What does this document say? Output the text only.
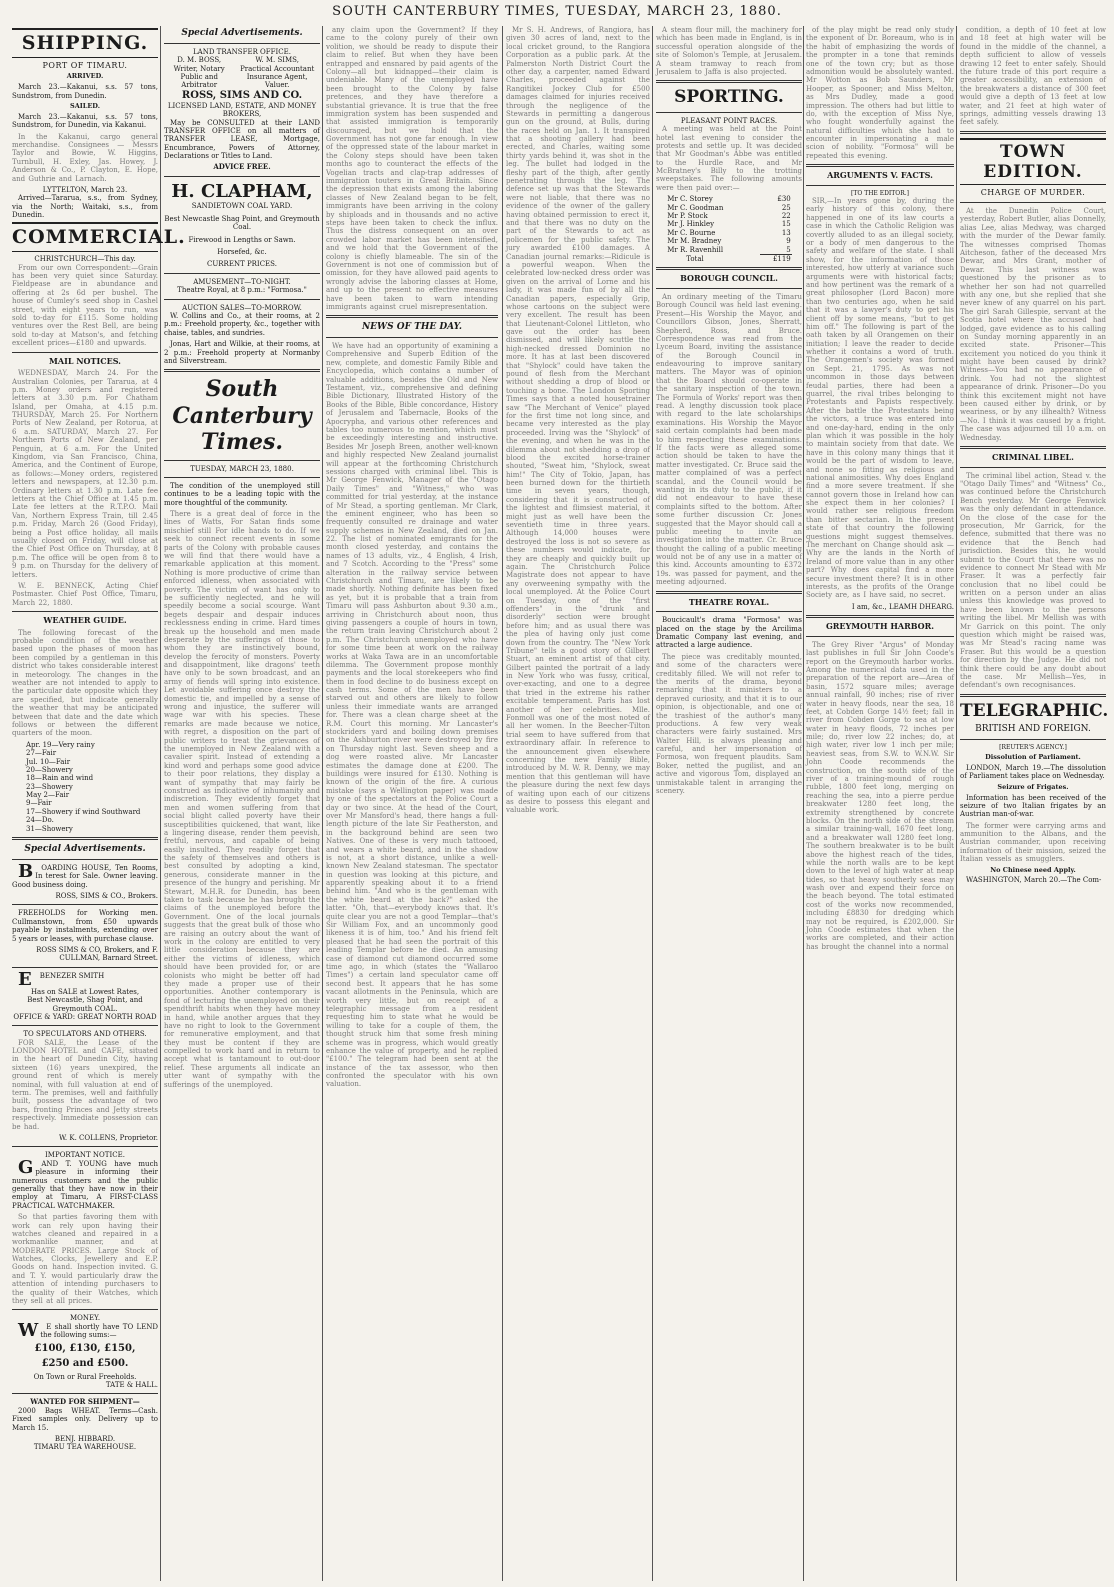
SOUTH CANTERBURY TIMES, TUESDAY, MARCH 23, 1880.
SHIPPING.
PORT OF TIMARU.
ARRIVED.

March 23.—Kakanui, s.s. 57 tons, Sundstrom, from Dunedin.

SAILED.

March 23.—Kakanui, s.s. 57 tons, Sundstrom, for Dunedin, via Kakanui.

In the Kakanui, cargo general merchandise. Consignees — Messrs Taylor and Bowie, W. Higgins, Turnbull, H. Exley, Jas. Howey, J. Anderson & Co., P. Clayton, E. Hope, and Guthrie and Larnach.

LYTTELTON, March 23.

Arrived—Tararua, s.s., from Sydney, via the North; Waitaki, s.s., from Dunedin.

COMMERCIAL.
CHRISTCHURCH—This day.

From our own Correspondent:—Grain has been very quiet since Saturday. Fieldpease are in abundance and offering at 2s 6d per bushel. The house of Cumley's seed shop in Cashel street, with eight years to run, was sold to-day for £115. Some holding ventures over the Rest Bell, are being sold to-day at Matson's, and fetching excellent prices—£180 and upwards.

MAIL NOTICES.

WEDNESDAY, March 24. For the Australian Colonies, per Tararua, at 4 p.m. Money orders and registered letters at 3.30 p.m. For Chatham Island, per Omaha, at 4.15 p.m. THURSDAY, March 25. For Northern Ports of New Zealand, per Rotorua, at 6 a.m. SATURDAY, March 27. For Northern Ports of New Zealand, per Penguin, at 6 a.m. For the United Kingdom, via San Francisco, China, America, and the Continent of Europe, as follows:—Money orders, registered letters and newspapers, at 12.30 p.m. Ordinary letters at 1.30 p.m. Late fee letters at the Chief Office at 1.45 p.m. Late fee letters at the R.T.P.O. Mail Van, Northern Express Train, till 2.45 p.m. Friday, March 26 (Good Friday), being a Post office holiday, all mails usually closed on Friday, will close at the Chief Post Office on Thursday, at 8 p.m. The office will be open from 8 to 9 p.m. on Thursday for the delivery of letters.

W. E. BENNECK, Acting Chief Postmaster. Chief Post Office, Timaru, March 22, 1880.

WEATHER GUIDE.

The following forecast of the probable condition of the weather based upon the phases of moon has been compiled by a gentleman in this district who takes considerable interest in meteorology. The changes in the weather are not intended to apply to the particular date opposite which they are specified, but indicate generally the weather that may be anticipated between that date and the date which follows or between the different quarters of the moon.

Apr. 19—Very rainy
27—Fair
Jul. 10—Fair
20—Showery
18—Rain and wind
23—Showery
May 2—Fair
9—Fair
17—Showery if wind Southward
24—Do.
31—Showery
Special Advertisements.

B OARDING HOUSE, Ten Rooms, In terest for Sale. Owner leaving. Good business doing.

ROSS, SIMS & CO., Brokers.

FREEHOLDS for Working men. Cullmanstown, from £50 upwards payable by instalments, extending over 5 years or leases, with purchase clause.

ROSS SIMS & CO, Brokers, and F. CULLMAN, Barnard Street.

E BENEZER SMITH

Has on SALE at Lowest Rates,
Best Newcastle, Shag Point, and Greymouth COAL.
OFFICE & YARD: GREAT NORTH ROAD
TO SPECULATORS AND OTHERS.

FOR SALE, the Lease of the LONDON HOTEL and CAFE, situated in the heart of Dunedin City, having sixteen (16) years unexpired, the ground rent of which is merely nominal, with full valuation at end of term. The premises, well and faithfully built, possess the advantage of two bars, fronting Princes and Jetty streets respectively. Immediate possession can be had.

W. K. COLLENS, Proprietor.
IMPORTANT NOTICE.

G AND T. YOUNG have much pleasure in informing their numerous customers and the public generally that they have now in their employ at Timaru, A FIRST-CLASS PRACTICAL WATCHMAKER.

So that parties favoring them with work can rely upon having their watches cleaned and repaired in a workmanlike manner, and at MODERATE PRICES. Large Stock of Watches, Clocks, Jewellery and E.P. Goods on hand. Inspection invited. G. and T. Y. would particularly draw the attention of intending purchasers to the quality of their Watches, which they sell at all prices.

MONEY.

W E shall shortly have TO LEND the following sums:—

£100, £130, £150,
£250 and £500.
On Town or Rural Freeholds.
TATE & HALL.
WANTED FOR SHIPMENT—

2000 Bags WHEAT. Terms—Cash. Fixed samples only. Delivery up to March 15.

BENJ. HIBBARD.
TIMARU TEA WAREHOUSE.
Special Advertisements.
LAND TRANSFER OFFICE.
D. M. BOSS,	W. M. SIMS,
Writer, Notary Public and Arbitrator	Practical Accountant Insurance Agent, Valuer.
ROSS, SIMS AND CO.
LICENSED LAND, ESTATE, AND MONEY BROKERS,

May be CONSULTED at their LAND TRANSFER OFFICE on all matters of TRANSFER LEASE, Mortgage, Encumbrance, Powers of Attorney, Declarations or Titles to Land.

ADVICE FREE.
H. CLAPHAM,
SANDIETOWN COAL YARD.
Best Newcastle Shag Point, and Greymouth Coal.
Firewood in Lengths or Sawn.
Horsefed, &c.
CURRENT PRICES.
AMUSEMENT—TO-NIGHT.
Theatre Royal, at 8 p.m.: "Formosa."
AUCTION SALES—TO-MORROW.

W. Collins and Co., at their rooms, at 2 p.m.: Freehold property, &c., together with chaise, tables, and sundries.

Jonas, Hart and Wilkie, at their rooms, at 2 p.m.: Freehold property at Normanby and Silverstream.

South Canterbury Times.
TUESDAY, MARCH 23, 1880.

The condition of the unemployed still continues to be a leading topic with the more thoughtful of the community.

There is a great deal of force in the lines of Watts, For Satan finds some mischief still For idle hands to do. If we seek to connect recent events in some parts of the Colony with probable causes we will find that there would have a remarkable application at this moment. Nothing is more productive of crime than enforced idleness, when associated with poverty. The victim of want has only to be sufficiently neglected, and he will speedily become a social scourge. Want begets despair and despair induces recklessness ending in crime. Hard times break up the household and men made desperate by the sufferings of those to whom they are instinctively bound, develop the ferocity of monsters. Poverty and disappointment, like dragons' teeth have only to be sown broadcast, and an army of fiends will spring into existence. Let avoidable suffering once destroy the domestic tie, and impelled by a sense of wrong and injustice, the sufferer will wage war with his species. These remarks are made because we notice, with regret, a disposition on the part of public writers to treat the grievances of the unemployed in New Zealand with a cavalier spirit. Instead of extending a kind word and perhaps some good advice to their poor relations, they display a want of sympathy that may fairly be construed as indicative of inhumanity and indiscretion. They evidently forget that men and women suffering from that social blight called poverty have their susceptibilities quickened, that want, like a lingering disease, render them peevish, fretful, nervous, and capable of being easily insulted. They readily forget that the safety of themselves and others is best consulted by adopting a kind, generous, considerate manner in the presence of the hungry and perishing. Mr Stewart, M.H.R. for Dunedin, has been taken to task because he has brought the claims of the unemployed before the Government. One of the local journals suggests that the great bulk of those who are raising an outcry about the want of work in the colony are entitled to very little consideration because they are either the victims of idleness, which should have been provided for, or are colonists who might be better off had they made a proper use of their opportunities. Another contemporary is fond of lecturing the unemployed on their spendthrift habits when they have money in hand, while another argues that they have no right to look to the Government for remunerative employment, and that they must be content if they are compelled to work hard and in return to accept what is tantamount to out-door relief. These arguments all indicate an utter want of sympathy with the sufferings of the unemployed.

any claim upon the Government? If they came to the colony purely of their own volition, we should be ready to dispute their claim to relief. But when they have been entrapped and ensnared by paid agents of the Colony—all but kidnapped—their claim is undeniable. Many of the unemployed have been brought to the Colony by false pretences, and they have therefore a substantial grievance. It is true that the free immigration system has been suspended and that assisted immigration is temporarily discouraged, but we hold that the Government has not gone far enough. In view of the oppressed state of the labour market in the Colony steps should have been taken months ago to counteract the effects of the Vogelian tracts and clap-trap addresses of immigration touters in Great Britain. Since the depression that exists among the laboring classes of New Zealand began to be felt, immigrants have been arriving in the colony by shiploads and in thousands and no active steps have been taken to check the influx. Thus the distress consequent on an over crowded labor market has been intensified, and we hold that the Government of the colony is chiefly blameable. The sin of the Government is not one of commission but of omission, for they have allowed paid agents to wrongly advise the laboring classes at Home, and up to the present no effective measures have been taken to warn intending immigrants against cruel misrepresentation.

NEWS OF THE DAY.

We have had an opportunity of examining a Comprehensive and Superb Edition of the new, complete, and domestic Family Bible and Encyclopedia, which contains a number of valuable additions, besides the Old and New Testament, viz., comprehensive and defining Bible Dictionary, Illustrated History of the Books of the Bible, Bible concordance, History of Jerusalem and Tabernacle, Books of the Apocrypha, and various other references and tables too numerous to mention, which must be exceedingly interesting and instructive. Besides Mr Joseph Breen, another well-known and highly respected New Zealand journalist will appear at the forthcoming Christchurch sessions charged with criminal libel. This is Mr George Fenwick, Manager of the "Otago Daily Times" and "Witness," who was committed for trial yesterday, at the instance of Mr Stead, a sporting gentleman. Mr Clark, the eminent engineer, who has been so frequently consulted re drainage and water supply schemes in New Zealand, died on Jan. 22. The list of nominated emigrants for the month closed yesterday, and contains the names of 13 adults, viz., 4 English, 4 Irish, and 7 Scotch. According to the "Press" some alteration in the railway service between Christchurch and Timaru, are likely to be made shortly. Nothing definite has been fixed as yet, but it is probable that a train from Timaru will pass Ashburton about 9.30 a.m., arriving in Christchurch about noon, thus giving passengers a couple of hours in town, the return train leaving Christchurch about 2 p.m. The Christchurch unemployed who have for some time been at work on the railway works at Waka Tawa are in an uncomfortable dilemma. The Government propose monthly payments and the local storekeepers who find them in food decline to do business except on cash terms. Some of the men have been starved out and others are likely to follow unless their immediate wants are arranged for. There was a clean charge sheet at the R.M. Court this morning. Mr Lancaster's stockriders yard and boiling down premises on the Ashburton river were destroyed by fire on Thursday night last. Seven sheep and a dog were roasted alive. Mr Lancaster estimates the damage done at £200. The buildings were insured for £130. Nothing is known of the origin of the fire. A curious mistake (says a Wellington paper) was made by one of the spectators at the Police Court a day or two since. At the head of the Court, over Mr Mansford's head, there hangs a full-length picture of the late Sir Featherston, and in the background behind are seen two Natives. One of these is very much tattooed, and wears a white beard, and in the shadow is not, at a short distance, unlike a well-known New Zealand statesman. The spectator in question was looking at this picture, and apparently speaking about it to a friend behind him. "And who is the gentleman with the white beard at the back?" asked the latter. "Oh, that—everybody knows that. It's quite clear you are not a good Templar—that's Sir William Fox, and an uncommonly good likeness it is of him, too." And his friend felt pleased that he had seen the portrait of this leading Templar before he died. An amusing case of diamond cut diamond occurred some time ago, in which (states the "Wallaroo Times") a certain land speculator came off second best. It appears that he has some vacant allotments in the Peninsula, which are worth very little, but on receipt of a telegraphic message from a resident requesting him to state what he would be willing to take for a couple of them, the thought struck him that some fresh mining scheme was in progress, which would greatly enhance the value of property, and he replied "£100." The telegram had been sent at the instance of the tax assessor, who then confronted the speculator with his own valuation.

Mr S. H. Andrews, of Rangiora, has given 30 acres of land, next to the local cricket ground, to the Rangiora Corporation as a public park. At the Palmerston North District Court the other day, a carpenter, named Edward Charles, proceeded against the Rangitikei Jockey Club for £500 damages claimed for injuries received through the negligence of the Stewards in permitting a dangerous gun on the ground, at Bulls, during the races held on Jan. 1. It transpired that a shooting gallery had been erected, and Charles, waiting some thirty yards behind it, was shot in the leg. The bullet had lodged in the fleshy part of the thigh, after gently penetrating through the leg. The defence set up was that the Stewards were not liable, that there was no evidence of the owner of the gallery having obtained permission to erect it, and that there was no duty on the part of the Stewards to act as policemen for the public safety. The jury awarded £100 damages. A Canadian journal remarks:—Ridicule is a powerful weapon. When the celebrated low-necked dress order was given on the arrival of Lorne and his lady, it was made fun of by all the Canadian papers, especially Grip, whose cartoons on the subject were very excellent. The result has been that Lieutenant-Colonel Littleton, who gave out the order has been dismissed, and will likely scuttle the high-necked dressed Dominion no more. It has at last been discovered that "Shylock" could have taken the pound of flesh from the Merchant without shedding a drop of blood or touching a bone. The London Sporting Times says that a noted housetrainer saw "The Merchant of Venice" played for the first time not long since, and became very interested as the play proceeded. Irving was the "Shylock" of the evening, and when he was in the dilemma about not shedding a drop of blood the excited horse-trainer shouted, "Sweat him, "Shylock, sweat him!" The City of Tokio, Japan, has been burned down for the thirtieth time in seven years, though, considering that it is constructed of the lightest and flimsiest material, it might just as well have been the seventieth time in three years. Although 14,000 houses were destroyed the loss is not so severe as these numbers would indicate, for they are cheaply and quickly built up again. The Christchurch Police Magistrate does not appear to have any overweening sympathy with the local unemployed. At the Police Court on Tuesday, one of the "first offenders" in the "drunk and disorderly" section were brought before him; and as usual there was the plea of having only just come down from the country. The "New York Tribune" tells a good story of Gilbert Stuart, an eminent artist of that city. Gilbert painted the portrait of a lady in New York who was fussy, critical, over-exacting, and one to a degree that tried in the extreme his rather excitable temperament. Paris has lost another of her celebrities. Mlle. Fonmoll was one of the most noted of all her women. In the Beecher-Tilton trial seem to have suffered from that extraordinary affair. In reference to the announcement given elsewhere concerning the new Family Bible, introduced by M. W. R. Denny, we may mention that this gentleman will have the pleasure during the next few days of waiting upon each of our citizens as desire to possess this elegant and valuable work.

A steam flour mill, the machinery for which has been made in England, is in successful operation alongside of the site of Solomon's Temple, at Jerusalem. A steam tramway to reach from Jerusalem to Jaffa is also projected.

SPORTING.
PLEASANT POINT RACES.

A meeting was held at the Point hotel last evening to consider the protests and settle up. It was decided that Mr Goodman's Abbe was entitled to the Hurdle Race, and Mr McBratney's Billy to the trotting sweepstakes. The following amounts were then paid over:—

Mr C. Storey	£30
Mr C. Goodman	25
Mr P. Stock	22
Mr J. Hinkley	15
Mr C. Bourne	13
Mr M. Bradney	9
Mr R. Ravenhill	5
Total	£119
BOROUGH COUNCIL.

An ordinary meeting of the Timaru Borough Council was held last evening. Present—His Worship the Mayor, and Councillors Gibson, Jones, Sherratt, Shepherd, Ross, and Bruce. Correspondence was read from the Lyceum Board, inviting the assistance of the Borough Council in endeavouring to improve sanitary matters. The Mayor was of opinion that the Board should co-operate in the sanitary inspection of the town. The Formula of Works' report was then read. A lengthy discussion took place with regard to the late scholarships examinations. His Worship the Mayor said certain complaints had been made to him respecting these examinations. If the facts were as alleged some action should be taken to have the matter investigated. Cr. Bruce said the matter complained of was a perfect scandal, and the Council would be wanting in its duty to the public, if it did not endeavour to have these complaints sifted to the bottom. After some further discussion Cr. Jones suggested that the Mayor should call a public meeting to invite an investigation into the matter. Cr. Bruce thought the calling of a public meeting would not be of any use in a matter of this kind. Accounts amounting to £372 19s. was passed for payment, and the meeting adjourned.

THEATRE ROYAL.

Boucicault's drama "Formosa" was placed on the stage by the Arcilima Dramatic Company last evening, and attracted a large audience.

The piece was creditably mounted, and some of the characters were creditably filled. We will not refer to the merits of the drama, beyond remarking that it ministers to a depraved curiosity, and that it is to our opinion, is objectionable, and one of the trashiest of the author's many productions. A few very weak characters were fairly sustained. Mrs Walter Hill, is always pleasing and careful, and her impersonation of Formosa, won frequent plaudits. Sam Boker, netted the pugilist, and an active and vigorous Tom, displayed an unmistakable talent in arranging the scenery.

of the play might be read only study the exponent of Dr. Boreaum, who is in the habit of emphasizing the words of the prompter in a tone that reminds one of the town cry; but as those admonition would be absolutely wanted. Mr Wotton as Bob Saunders, Mr Hooper, as Spooner; and Miss Melton, as Mrs Dudley, made a good impression. The others had but little to do, with the exception of Miss Nye, who fought wonderfully against the natural difficulties which she had to encounter in impersonating a male scion of nobility. "Formosa" will be repeated this evening.

ARGUMENTS V. FACTS.
[TO THE EDITOR.]

SIR,—In years gone by, during the early history of this colony, there happened in one of its law courts a case in which the Catholic Religion was covertly alluded to as an illegal society, or a body of men dangerous to the safety and welfare of the state. I shall show, for the information of those interested, how utterly at variance such arguments were with historical facts; and how pertinent was the remark of a great philosopher (Lord Bacon) more than two centuries ago, when he said that it was a lawyer's duty to get his client off by some means, "but to get him off." The following is part of the oath taken by all Orangemen on their initiation; I leave the reader to decide whether it contains a word of truth. The Orangemen's society was formed on Sept. 21, 1795. As was not uncommon in those days between feudal parties, there had been a quarrel, the rival tribes belonging to Protestants and Papists respectively. After the battle the Protestants being the victors, a truce was entered into and one-day-hard, ending in the only plan which it was possible in the holy to maintain society from that date. We have in this colony many things that it would be the part of wisdom to leave, and none so fitting as religious and national animosities. Why does England find a more severe treatment. If she cannot govern those in Ireland how can she expect them in her colonies? I would rather see religious freedom than bitter sectarian. In the present state of that country the following questions might suggest themselves. The merchant on Change should ask —Why are the lands in the North of Ireland of more value than in any other part? Why does capital find a more secure investment there? It is in other interests, as the profits of the Orange Society are, as I have said, no secret.

I am, &c., LEAMH DHEARG.
GREYMOUTH HARBOR.

The Grey River "Argus" of Monday last publishes in full Sir John Coode's report on the Greymouth harbor works. Among the numerical data used in the preparation of the report are—Area of basin, 1572 square miles; average annual rainfall, 90 inches; rise of river water in heavy floods, near the sea, 18 feet, at Cobden Gorge 14½ feet; fall in river from Cobden Gorge to sea at low water in heavy floods, 72 inches per mile; do, river low 22 inches; do, at high water, river low 1 inch per mile; heaviest seas, from S.W. to W.N.W. Sir John Coode recommends the construction, on the south side of the river of a training-mound of rough rubble, 1800 feet long, merging on reaching the sea, into a pierre perdue breakwater 1280 feet long, the extremity strengthened by concrete blocks. On the north side of the stream a similar training-wall, 1670 feet long, and a breakwater wall 1280 feet long. The southern breakwater is to be built above the highest reach of the tides, while the north walls are to be kept down to the level of high water at neap tides, so that heavy southerly seas may wash over and expend their force on the beach beyond. The total estimated cost of the works now recommended, including £8830 for dredging which may not be required, is £202,000. Sir John Coode estimates that when the works are completed, and their action has brought the channel into a normal

condition, a depth of 10 feet at low and 18 feet at high water will be found in the middle of the channel, a depth sufficient to allow of vessels drawing 12 feet to enter safely. Should the future trade of this port require a greater accessibility, an extension of the breakwaters a distance of 300 feet would give a depth of 13 feet at low water, and 21 feet at high water of springs, admitting vessels drawing 13 feet safely.

TOWN EDITION.
CHARGE OF MURDER.

At the Dunedin Police Court, yesterday, Robert Butler, alias Donnelly, alias Lee, alias Medway, was charged with the murder of the Dewar family. The witnesses comprised Thomas Aitcheson, father of the deceased Mrs Dewar, and Mrs Grant, mother of Dewar. This last witness was questioned by the prisoner as to whether her son had not quarrelled with any one, but she replied that she never knew of any quarrel on his part. The girl Sarah Gillespie, servant at the Scotia hotel where the accused had lodged, gave evidence as to his calling on Sunday morning apparently in an excited state. Prisoner—This excitement you noticed do you think it might have been caused by drink? Witness—You had no appearance of drink. You had not the slightest appearance of drink. Prisoner—Do you think this excitement might not have been caused either by drink, or by weariness, or by any illhealth? Witness—No. I think it was caused by a fright. The case was adjourned till 10 a.m. on Wednesday.

CRIMINAL LIBEL.

The criminal libel action, Stead v. the "Otago Daily Times" and "Witness" Co., was continued before the Christchurch Bench yesterday. Mr George Fenwick was the only defendant in attendance. On the close of the case for the prosecution, Mr Garrick, for the defence, submitted that there was no evidence that the Bench had jurisdiction. Besides this, he would submit to the Court that there was no evidence to connect Mr Stead with Mr Fraser. It was a perfectly fair conclusion that no libel could be written on a person under an alias unless this knowledge was proved to have been known to the persons writing the libel. Mr Mellish was with Mr Garrick on this point. The only question which might be raised was, was Mr Stead's racing name was Fraser. But this would be a question for direction by the Judge. He did not think there could be any doubt about the case. Mr Mellish—Yes, in defendant's own recognisances.

TELEGRAPHIC.
BRITISH AND FOREIGN.
[REUTER'S AGENCY.]
Dissolution of Parliament.

LONDON, March 19.—The dissolution of Parliament takes place on Wednesday.

Seizure of Frigates.

Information has been received of the seizure of two Italian frigates by an Austrian man-of-war.

The former were carrying arms and ammunition to the Albans, and the Austrian commander, upon receiving information of their mission, seized the Italian vessels as smugglers.

No Chinese need Apply.

WASHINGTON, March 20.—The Com-
